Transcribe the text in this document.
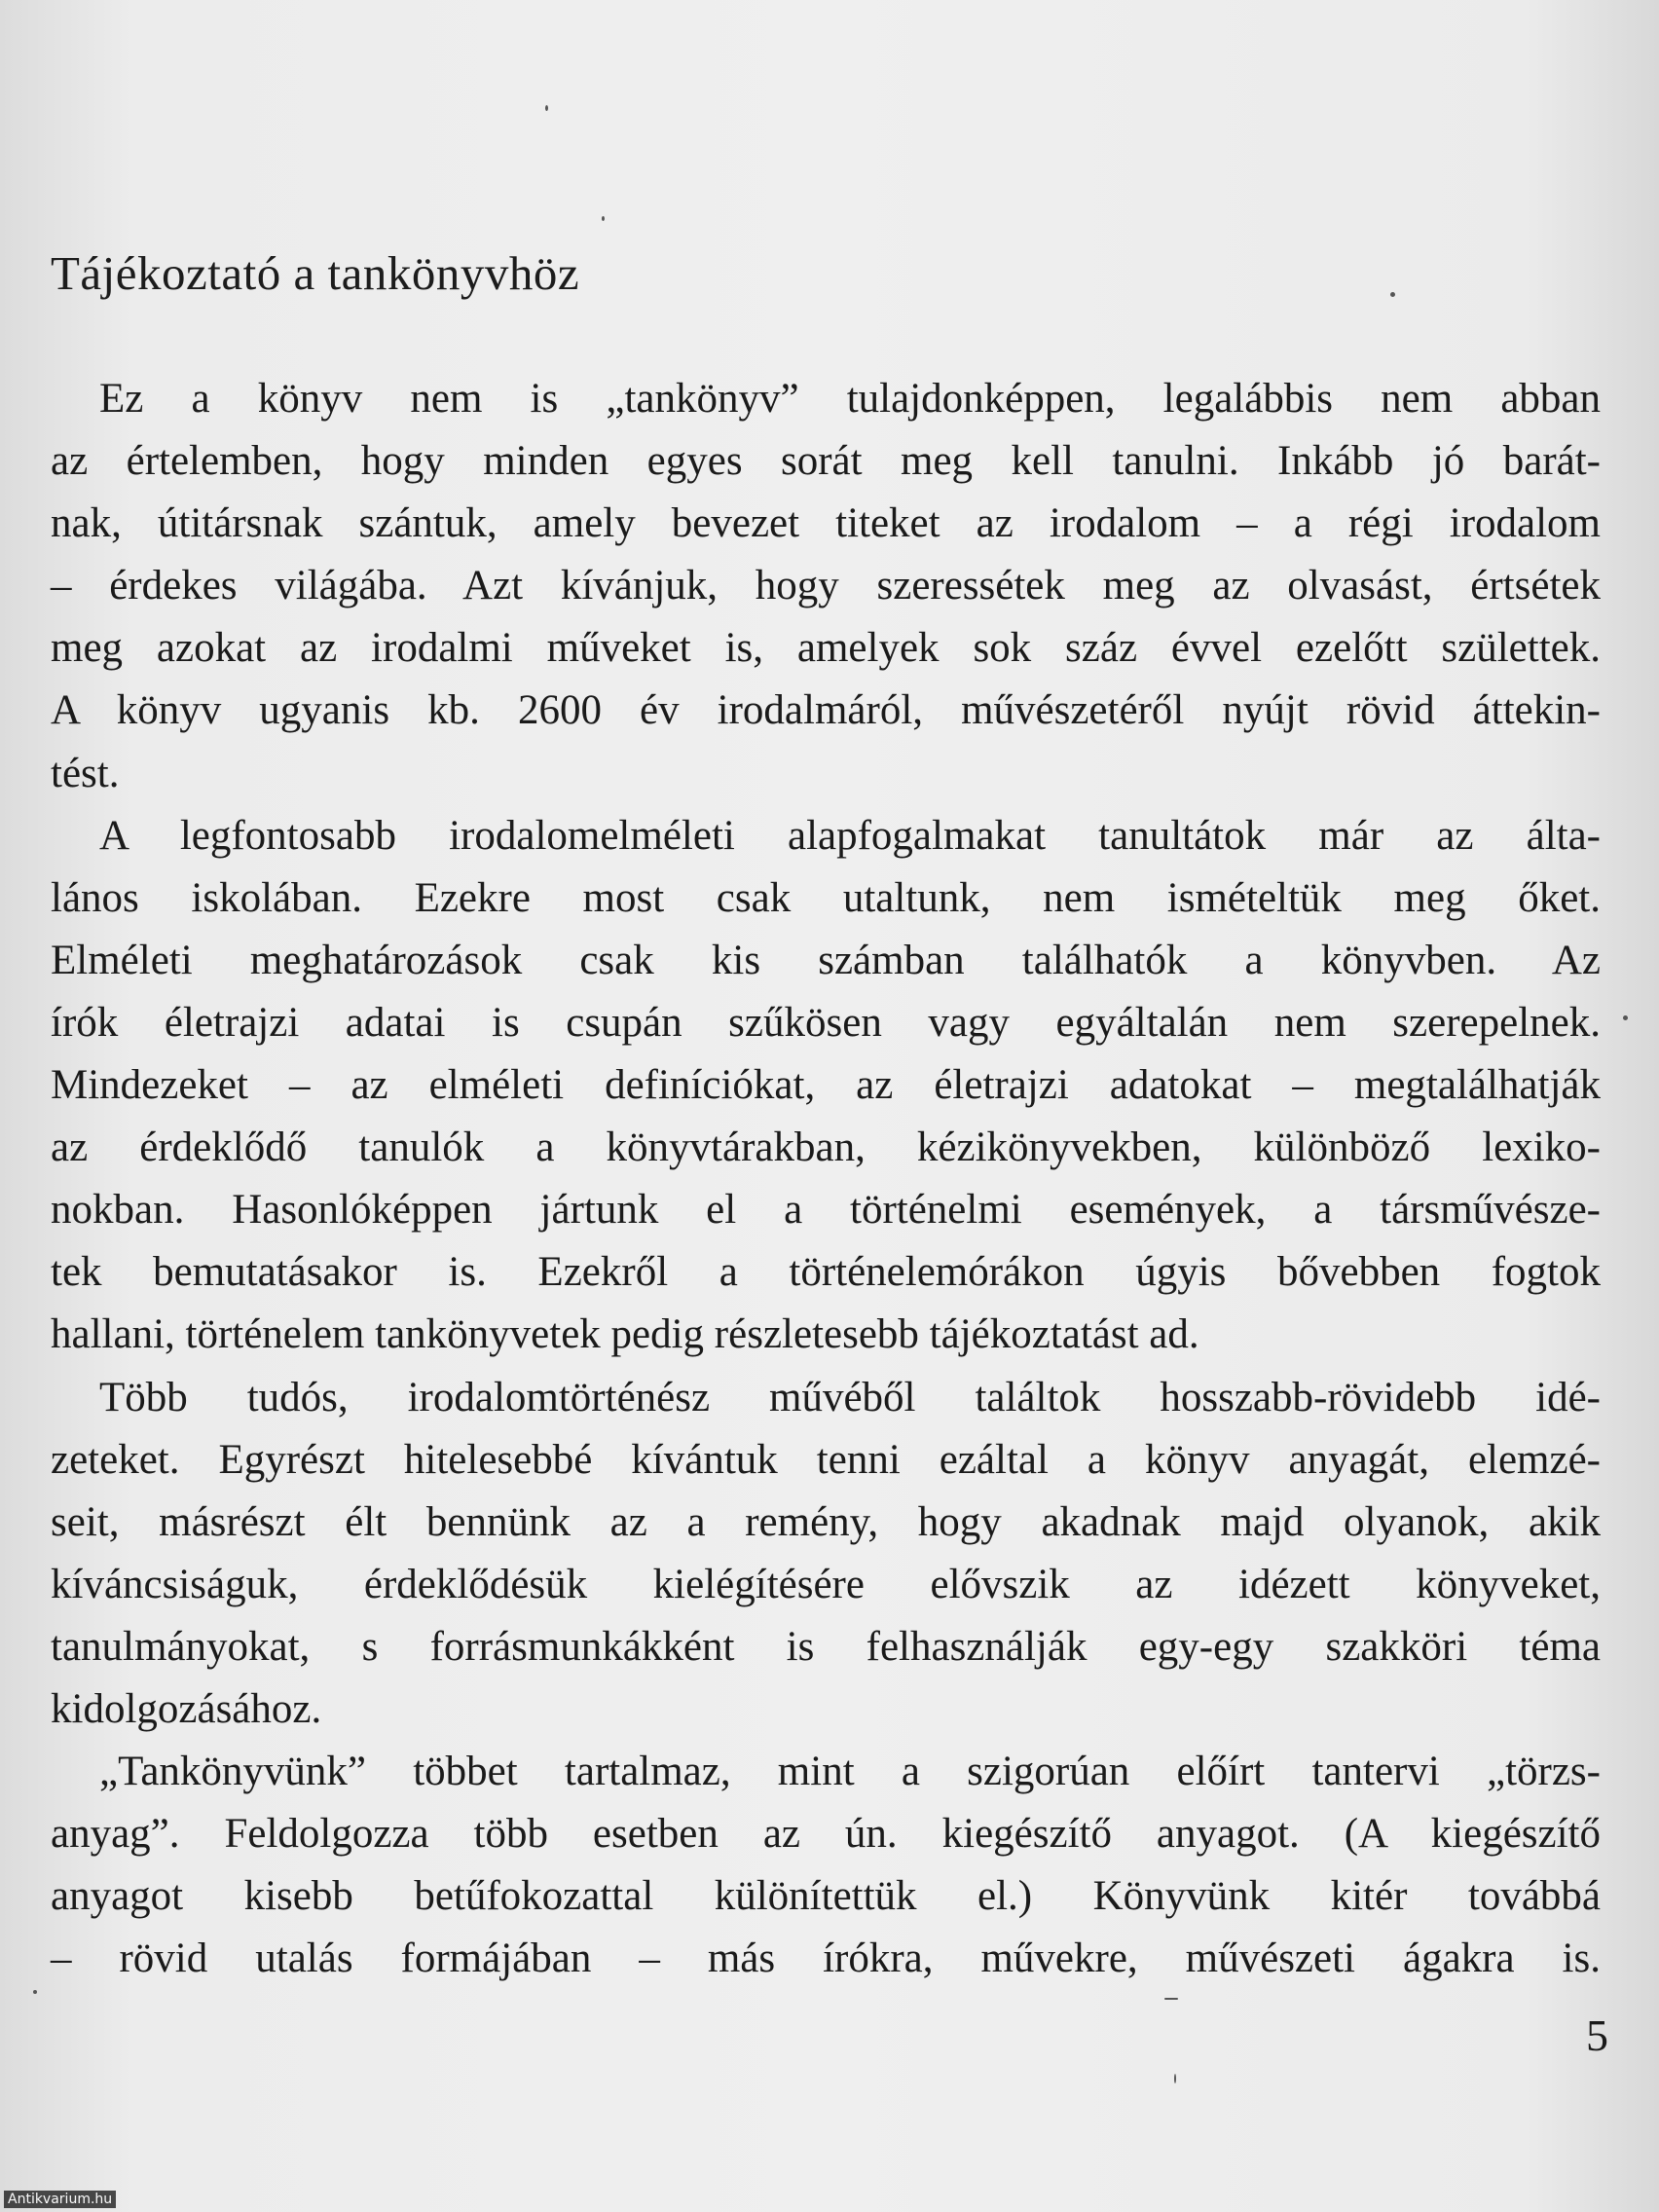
Tájékoztató a tankönyvhöz
Ez a könyv nem is „tankönyv” tulajdonképpen, legalábbis nem abban
az értelemben, hogy minden egyes sorát meg kell tanulni. Inkább jó barát-
nak, útitársnak szántuk, amely bevezet titeket az irodalom – a régi irodalom
– érdekes világába. Azt kívánjuk, hogy szeressétek meg az olvasást, értsétek
meg azokat az irodalmi műveket is, amelyek sok száz évvel ezelőtt születtek.
A könyv ugyanis kb. 2600 év irodalmáról, művészetéről nyújt rövid áttekin-
tést.
A legfontosabb irodalomelméleti alapfogalmakat tanultátok már az álta-
lános iskolában. Ezekre most csak utaltunk, nem ismételtük meg őket.
Elméleti meghatározások csak kis számban találhatók a könyvben. Az
írók életrajzi adatai is csupán szűkösen vagy egyáltalán nem szerepelnek.
Mindezeket – az elméleti definíciókat, az életrajzi adatokat – megtalálhatják
az érdeklődő tanulók a könyvtárakban, kézikönyvekben, különböző lexiko-
nokban. Hasonlóképpen jártunk el a történelmi események, a társművésze-
tek bemutatásakor is. Ezekről a történelemórákon úgyis bővebben fogtok
hallani, történelem tankönyvetek pedig részletesebb tájékoztatást ad.
Több tudós, irodalomtörténész művéből találtok hosszabb-rövidebb idé-
zeteket. Egyrészt hitelesebbé kívántuk tenni ezáltal a könyv anyagát, elemzé-
seit, másrészt élt bennünk az a remény, hogy akadnak majd olyanok, akik
kíváncsiságuk, érdeklődésük kielégítésére elővszik az idézett könyveket,
tanulmányokat, s forrásmunkákként is felhasználják egy-egy szakköri téma
kidolgozásához.
„Tankönyvünk” többet tartalmaz, mint a szigorúan előírt tantervi „törzs-
anyag”. Feldolgozza több esetben az ún. kiegészítő anyagot. (A kiegészítő
anyagot kisebb betűfokozattal különítettük el.) Könyvünk kitér továbbá
– rövid utalás formájában – más írókra, művekre, művészeti ágakra is.
5
Antikvarium.hu
